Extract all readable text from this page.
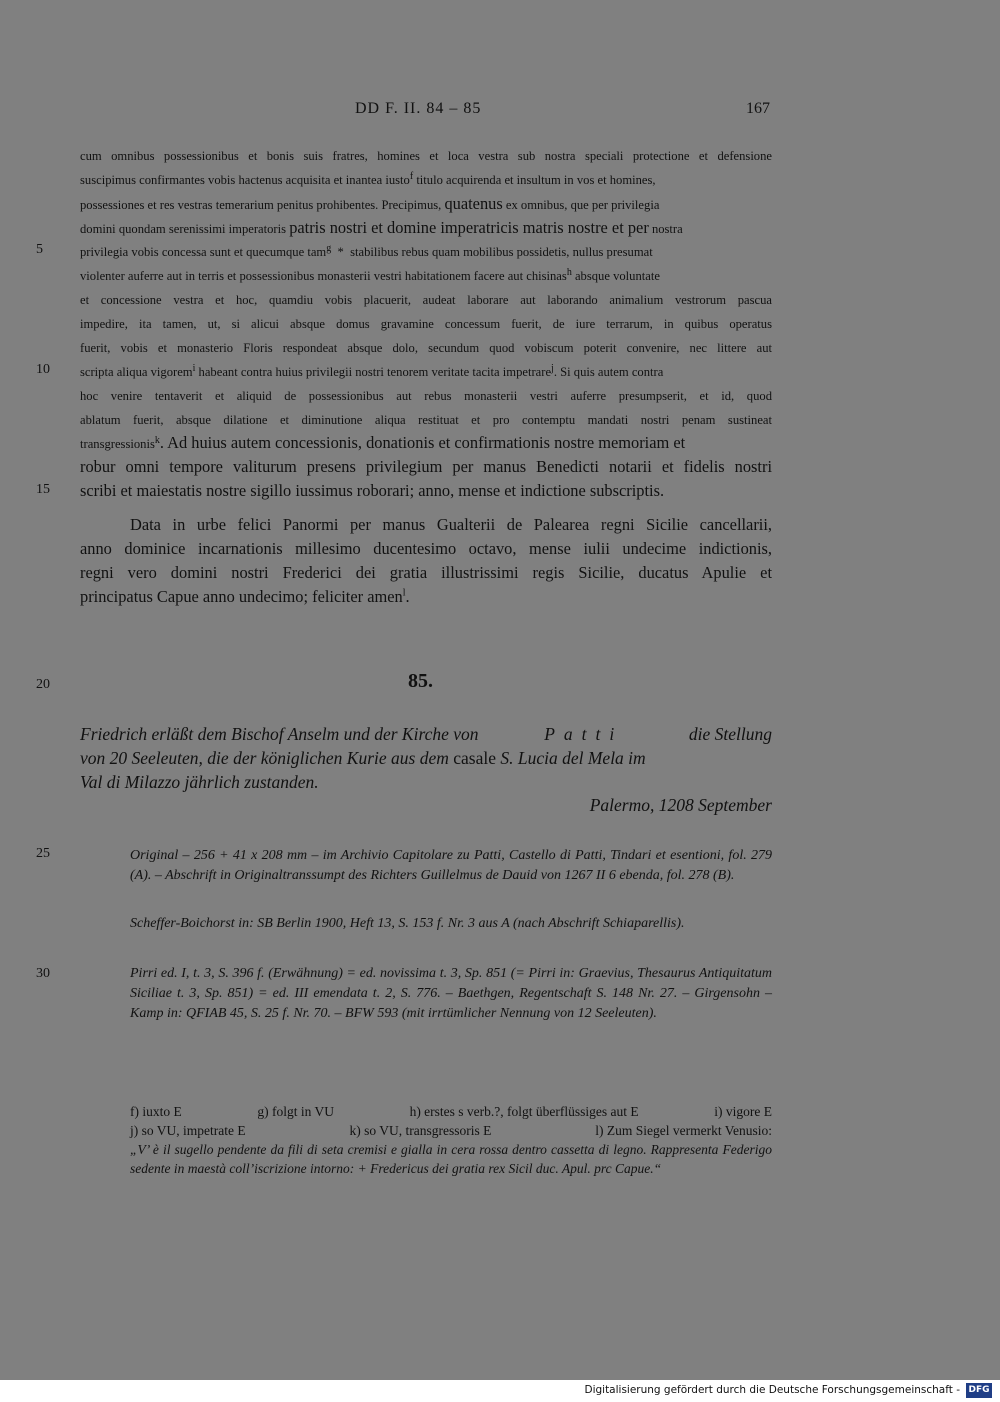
DD F. II. 84 – 85	167
cum omnibus possessionibus et bonis suis fratres, homines et loca vestra sub nostra speciali protectione et defensione
suscipimus confirmantes vobis hactenus acquisita et inantea iusto$^f$ titulo acquirenda et insultum in vos et homines,
possessiones et res vestras temerarium penitus prohibentes. Precipimus, quatenus ex omnibus, que per privilegia
domini quondam serenissimi imperatoris patris nostri et domine imperatricis matris nostre et per nostra
privilegia vobis concessa sunt et quecumque tam$^g$ * stabilibus rebus quam mobilibus possidetis, nullus presumat
violenter auferre aut in terris et possessionibus monasterii vestri habitationem facere aut chisinas$^h$ absque voluntate
et concessione vestra et hoc, quamdiu vobis placuerit, audeat laborare aut laborando animalium vestrorum pascua
impedire, ita tamen, ut, si alicui absque domus gravamine concessum fuerit, de iure terrarum, in quibus operatus
fuerit, vobis et monasterio Floris respondeat absque dolo, secundum quod vobiscum poterit convenire, nec littere aut
scripta aliqua vigorem$^i$ habeant contra huius privilegii nostri tenorem veritate tacita impetrare$^j$. Si quis autem contra
hoc venire tentaverit et aliquid de possessionibus aut rebus monasterii vestri auferre presumpserit, et id, quod
ablatum fuerit, absque dilatione et diminutione aliqua restituat et pro contemptu mandati nostri penam sustineat
transgressionis$^k$. Ad huius autem concessionis, donationis et confirmationis nostre memoriam et
robur omni tempore valiturum presens privilegium per manus Benedicti notarii et fidelis nostri
scribi et maiestatis nostre sigillo iussimus roborari; anno, mense et indictione subscriptis.
Data in urbe felici Panormi per manus Gualterii de Palearea regni Sicilie cancellarii,
anno dominice incarnationis millesimo ducentesimo octavo, mense iulii undecime indictionis,
regni vero domini nostri Frederici dei gratia illustrissimi regis Sicilie, ducatus Apulie et
principatus Capue anno undecimo; feliciter amen$^l$.
5
10
15
20
25
30
85.
Friedrich erläßt dem Bischof Anselm und der Kirche von	Patti	die Stellung
von 20 Seeleuten, die der königlichen Kurie aus dem casale S. Lucia del Mela im
Val di Milazzo jährlich zustanden.
Palermo, 1208 September
Original – 256 + 41 x 208 mm – im Archivio Capitolare zu Patti, Castello di Patti, Tindari et esentioni, fol. 279 (A). – Abschrift in Originaltranssumpt des Richters Guillelmus de Dauid von 1267 II 6 ebenda, fol. 278 (B).
Scheffer-Boichorst in: SB Berlin 1900, Heft 13, S. 153 f. Nr. 3 aus A (nach Abschrift Schiaparellis).
Pirri ed. I, t. 3, S. 396 f. (Erwähnung) = ed. novissima t. 3, Sp. 851 (= Pirri in: Graevius, Thesaurus Antiquitatum Siciliae t. 3, Sp. 851) = ed. III emendata t. 2, S. 776. – Baethgen, Regentschaft S. 148 Nr. 27. – Girgensohn – Kamp in: QFIAB 45, S. 25 f. Nr. 70. – BFW 593 (mit irrtümlicher Nennung von 12 Seeleuten).
f) iuxto E	g) folgt in VU	h) erstes s verb.?, folgt überflüssiges aut E	i) vigore E
j) so VU, impetrate E	k) so VU, transgressoris E	l) Zum Siegel vermerkt Venusio:
„V’ è il sugello pendente da fili di seta cremisi e gialla in cera rossa dentro cassetta di legno. Rappresenta Federigo sedente in maestà coll’iscrizione intorno: + Fredericus dei gratia rex Sicil duc. Apul. prc Capue.“
Digitalisierung gefördert durch die Deutsche Forschungsgemeinschaft - DFG
